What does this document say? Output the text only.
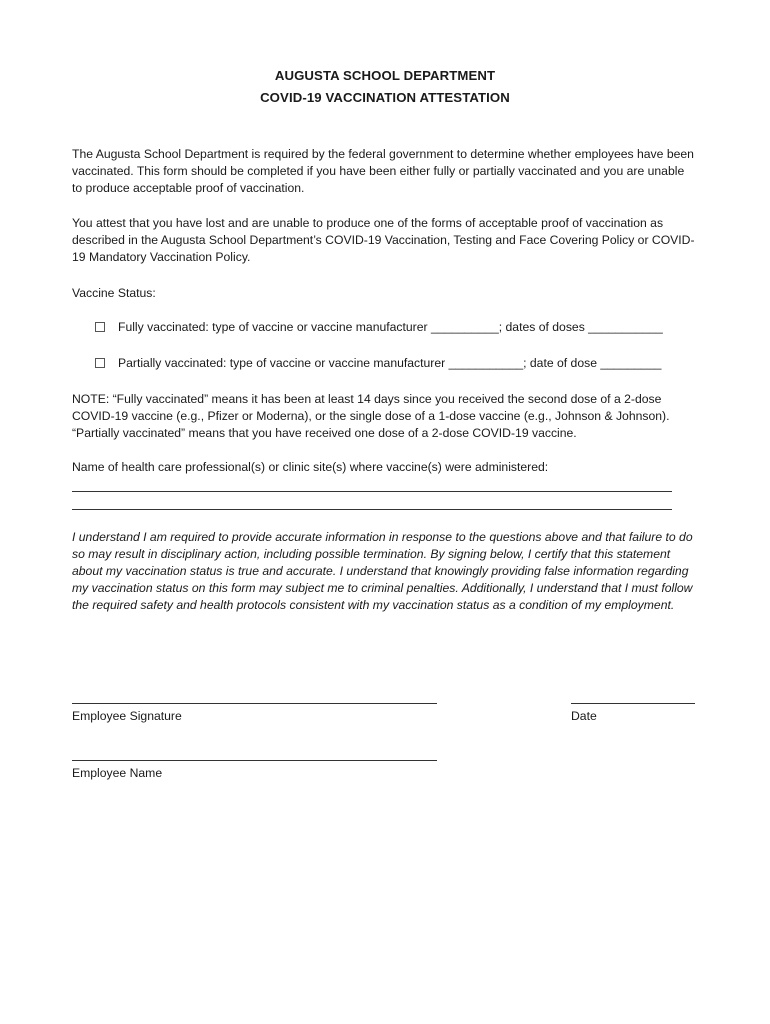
AUGUSTA SCHOOL DEPARTMENT
COVID-19 VACCINATION ATTESTATION
The Augusta School Department is required by the federal government to determine whether employees have been vaccinated. This form should be completed if you have been either fully or partially vaccinated and you are unable to produce acceptable proof of vaccination.
You attest that you have lost and are unable to produce one of the forms of acceptable proof of vaccination as described in the Augusta School Department’s COVID-19 Vaccination, Testing and Face Covering Policy or COVID-19 Mandatory Vaccination Policy.
Vaccine Status:
Fully vaccinated: type of vaccine or vaccine manufacturer __________; dates of doses ___________
Partially vaccinated: type of vaccine or vaccine manufacturer ___________; date of dose _________
NOTE: “Fully vaccinated” means it has been at least 14 days since you received the second dose of a 2-dose COVID-19 vaccine (e.g., Pfizer or Moderna), or the single dose of a 1-dose vaccine (e.g., Johnson & Johnson). “Partially vaccinated” means that you have received one dose of a 2-dose COVID-19 vaccine.
Name of health care professional(s) or clinic site(s) where vaccine(s) were administered:
I understand I am required to provide accurate information in response to the questions above and that failure to do so may result in disciplinary action, including possible termination. By signing below, I certify that this statement about my vaccination status is true and accurate. I understand that knowingly providing false information regarding my vaccination status on this form may subject me to criminal penalties. Additionally, I understand that I must follow the required safety and health protocols consistent with my vaccination status as a condition of my employment.
Employee Signature	Date
Employee Name
